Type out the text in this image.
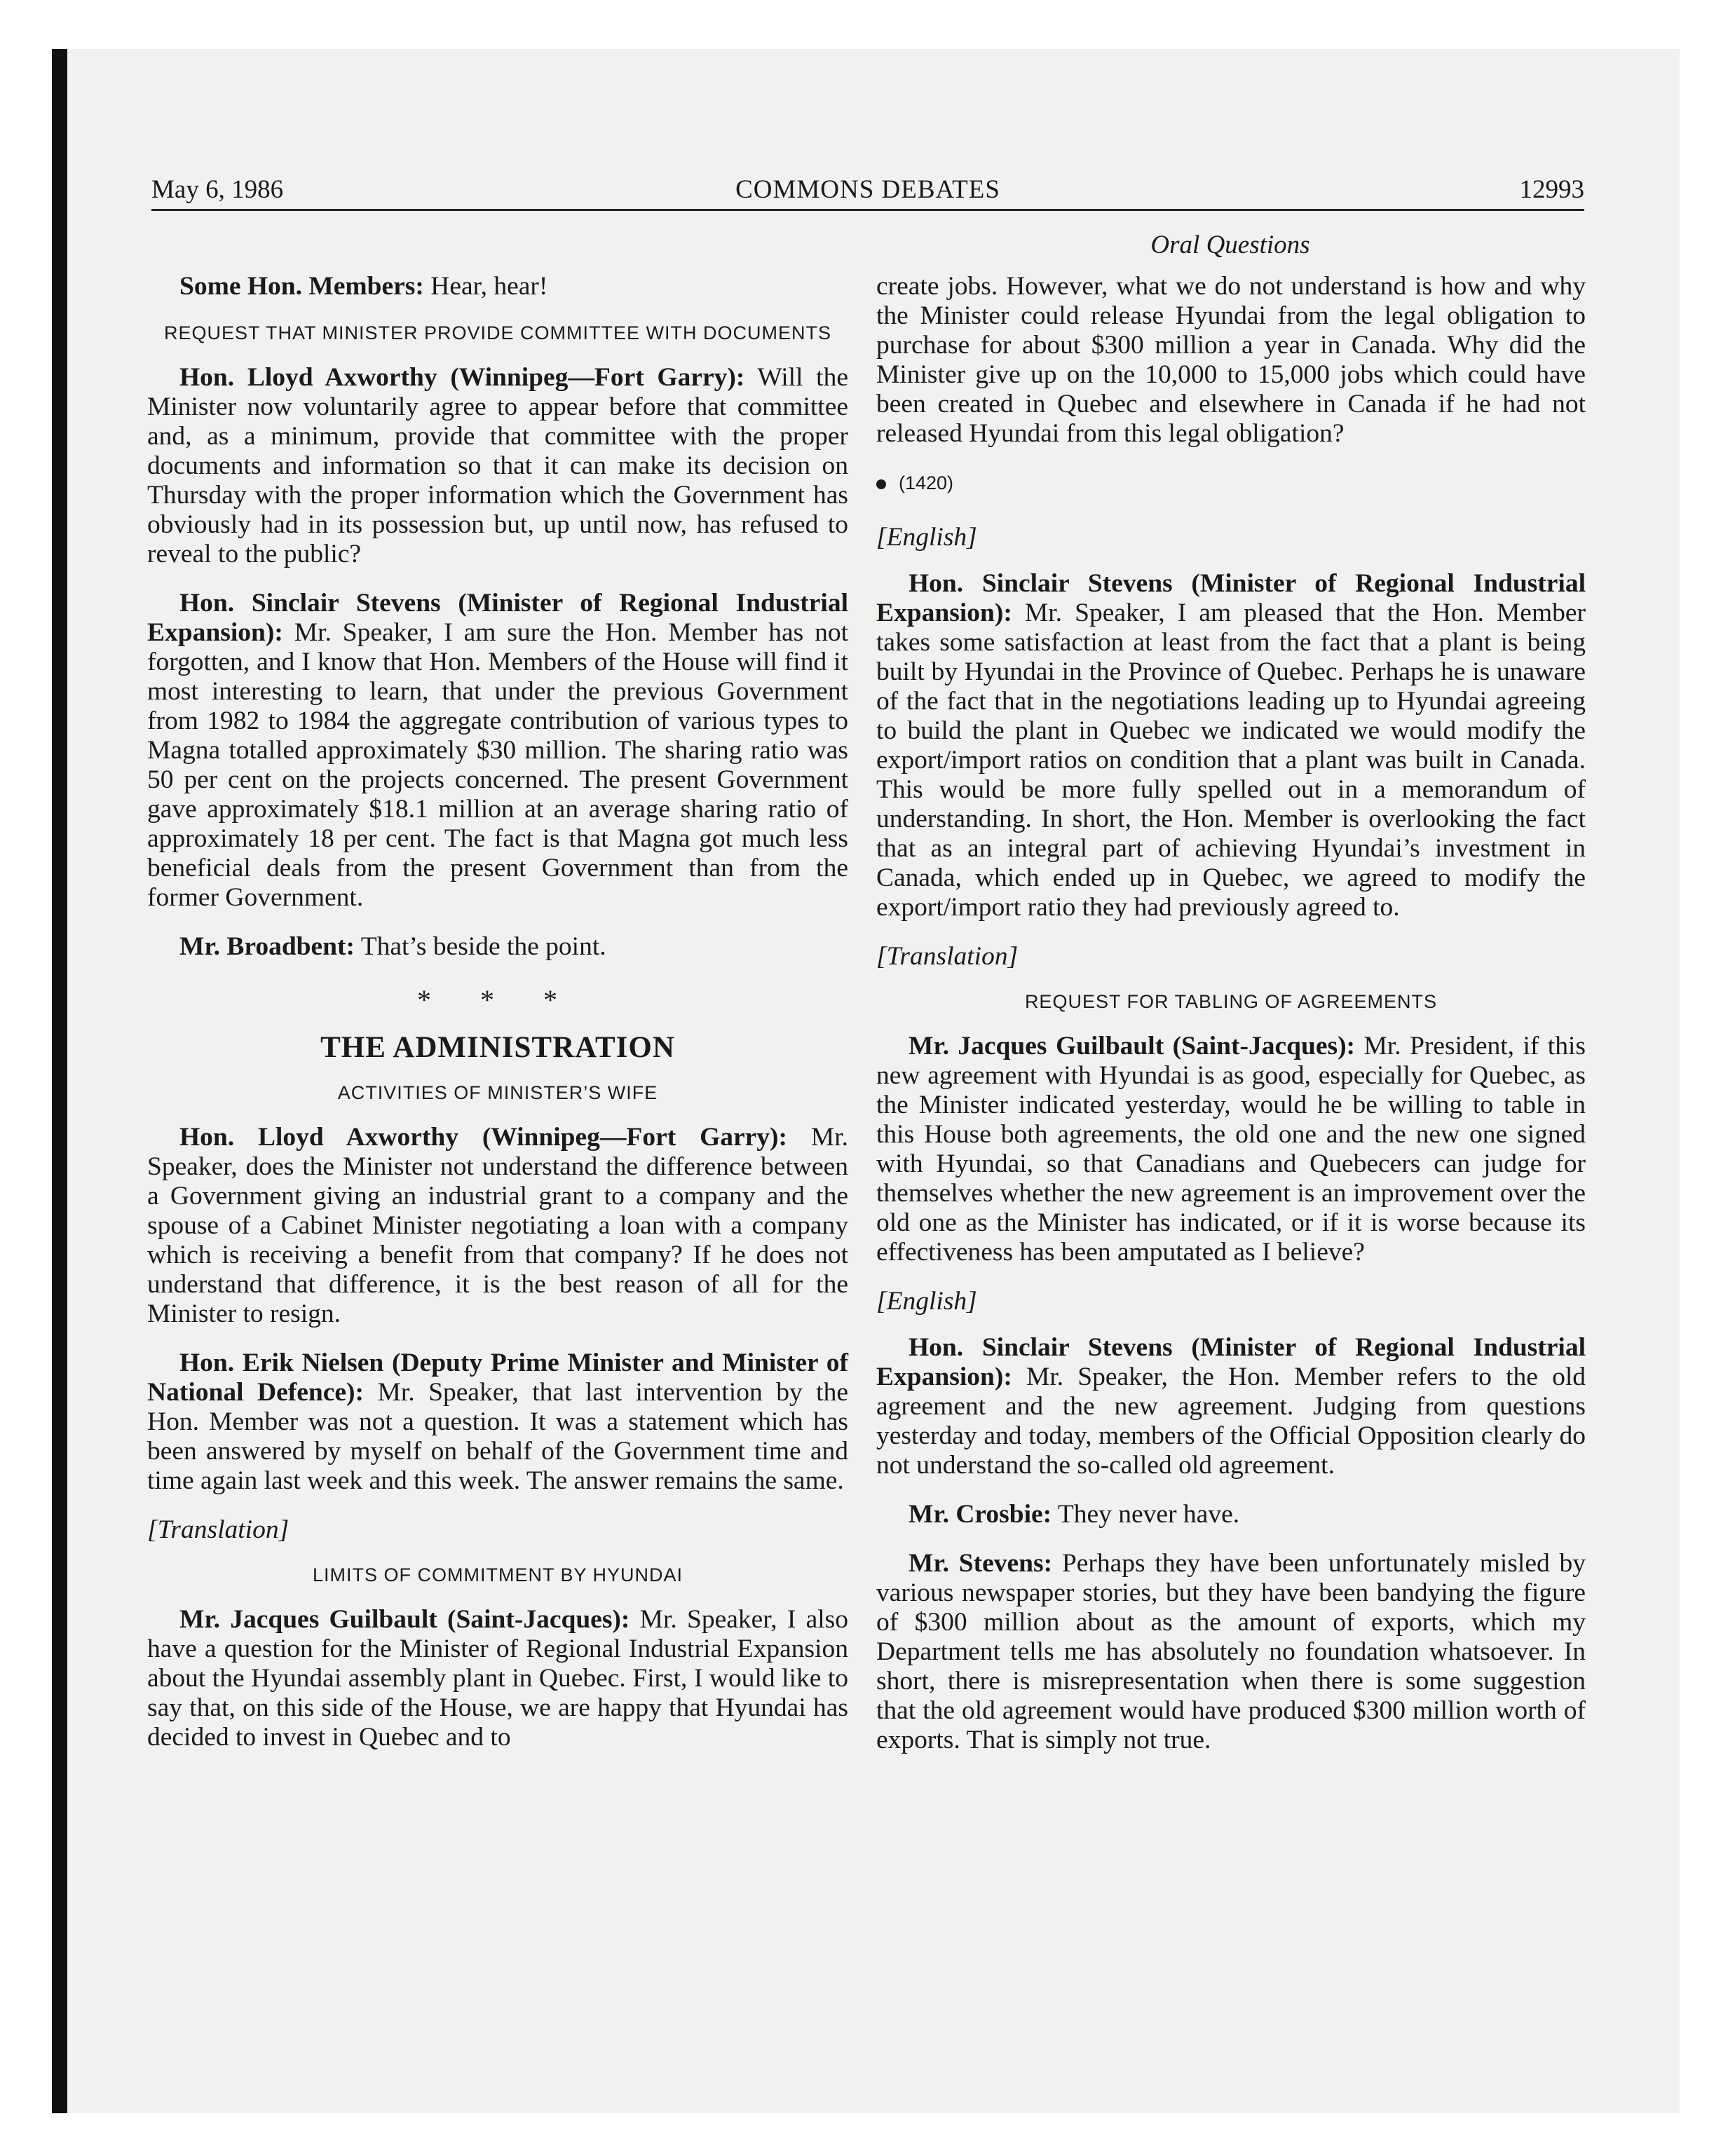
May 6, 1986	COMMONS DEBATES	12993
Oral Questions

Some Hon. Members: Hear, hear!

REQUEST THAT MINISTER PROVIDE COMMITTEE WITH DOCUMENTS

Hon. Lloyd Axworthy (Winnipeg—Fort Garry): Will the Minister now voluntarily agree to appear before that committee and, as a minimum, provide that committee with the proper documents and information so that it can make its decision on Thursday with the proper information which the Government has obviously had in its possession but, up until now, has refused to reveal to the public?

Hon. Sinclair Stevens (Minister of Regional Industrial Expansion): Mr. Speaker, I am sure the Hon. Member has not forgotten, and I know that Hon. Members of the House will find it most interesting to learn, that under the previous Government from 1982 to 1984 the aggregate contribution of various types to Magna totalled approximately $30 million. The sharing ratio was 50 per cent on the projects concerned. The present Government gave approximately $18.1 million at an average sharing ratio of approximately 18 per cent. The fact is that Magna got much less beneficial deals from the present Government than from the former Government.

Mr. Broadbent: That’s beside the point.

* * *
THE ADMINISTRATION
ACTIVITIES OF MINISTER’S WIFE

Hon. Lloyd Axworthy (Winnipeg—Fort Garry): Mr. Speaker, does the Minister not understand the difference between a Government giving an industrial grant to a company and the spouse of a Cabinet Minister negotiating a loan with a company which is receiving a benefit from that company? If he does not understand that difference, it is the best reason of all for the Minister to resign.

Hon. Erik Nielsen (Deputy Prime Minister and Minister of National Defence): Mr. Speaker, that last intervention by the Hon. Member was not a question. It was a statement which has been answered by myself on behalf of the Government time and time again last week and this week. The answer remains the same.

[Translation]
LIMITS OF COMMITMENT BY HYUNDAI

Mr. Jacques Guilbault (Saint-Jacques): Mr. Speaker, I also have a question for the Minister of Regional Industrial Expansion about the Hyundai assembly plant in Quebec. First, I would like to say that, on this side of the House, we are happy that Hyundai has decided to invest in Quebec and to

create jobs. However, what we do not understand is how and why the Minister could release Hyundai from the legal obligation to purchase for about $300 million a year in Canada. Why did the Minister give up on the 10,000 to 15,000 jobs which could have been created in Quebec and elsewhere in Canada if he had not released Hyundai from this legal obligation?

(1420)
[English]

Hon. Sinclair Stevens (Minister of Regional Industrial Expansion): Mr. Speaker, I am pleased that the Hon. Member takes some satisfaction at least from the fact that a plant is being built by Hyundai in the Province of Quebec. Perhaps he is unaware of the fact that in the negotiations leading up to Hyundai agreeing to build the plant in Quebec we indicated we would modify the export/import ratios on condition that a plant was built in Canada. This would be more fully spelled out in a memorandum of understanding. In short, the Hon. Member is overlooking the fact that as an integral part of achieving Hyundai’s investment in Canada, which ended up in Quebec, we agreed to modify the export/import ratio they had previously agreed to.

[Translation]
REQUEST FOR TABLING OF AGREEMENTS

Mr. Jacques Guilbault (Saint-Jacques): Mr. President, if this new agreement with Hyundai is as good, especially for Quebec, as the Minister indicated yesterday, would he be willing to table in this House both agreements, the old one and the new one signed with Hyundai, so that Canadians and Quebecers can judge for themselves whether the new agreement is an improvement over the old one as the Minister has indicated, or if it is worse because its effectiveness has been amputated as I believe?

[English]

Hon. Sinclair Stevens (Minister of Regional Industrial Expansion): Mr. Speaker, the Hon. Member refers to the old agreement and the new agreement. Judging from questions yesterday and today, members of the Official Opposition clearly do not understand the so-called old agreement.

Mr. Crosbie: They never have.

Mr. Stevens: Perhaps they have been unfortunately misled by various newspaper stories, but they have been bandying the figure of $300 million about as the amount of exports, which my Department tells me has absolutely no foundation whatsoever. In short, there is misrepresentation when there is some suggestion that the old agreement would have produced $300 million worth of exports. That is simply not true.
